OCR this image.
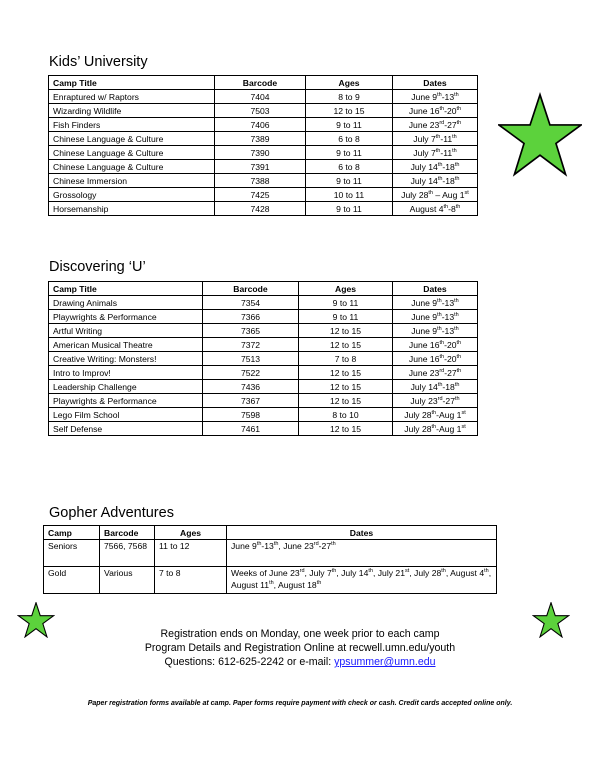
Kids’ University
Camp Title	Barcode	Ages	Dates
Enraptured w/ Raptors	7404	8 to 9	June 9th-13th
Wizarding Wildlife	7503	12 to 15	June 16th-20th
Fish Finders	7406	9 to 11	June 23rd-27th
Chinese Language & Culture	7389	6 to 8	July 7th-11th
Chinese Language & Culture	7390	9 to 11	July 7th-11th
Chinese Language & Culture	7391	6 to 8	July 14th-18th
Chinese Immersion	7388	9 to 11	July 14th-18th
Grossology	7425	10 to 11	July 28th – Aug 1st
Horsemanship	7428	9 to 11	August 4th-8th
Discovering ‘U’
Camp Title	Barcode	Ages	Dates
Drawing Animals	7354	9 to 11	June 9th-13th
Playwrights & Performance	7366	9 to 11	June 9th-13th
Artful Writing	7365	12 to 15	June 9th-13th
American Musical Theatre	7372	12 to 15	June 16th-20th
Creative Writing: Monsters!	7513	7 to 8	June 16th-20th
Intro to Improv!	7522	12 to 15	June 23rd-27th
Leadership Challenge	7436	12 to 15	July 14th-18th
Playwrights & Performance	7367	12 to 15	July 23rd-27th
Lego Film School	7598	8 to 10	July 28th-Aug 1st
Self Defense	7461	12 to 15	July 28th-Aug 1st
Gopher Adventures
Camp	Barcode	Ages	Dates
Seniors	7566, 7568	11 to 12	June 9th-13th, June 23rd-27th
Gold	Various	7 to 8	Weeks of June 23rd, July 7th, July 14th, July 21st, July 28th, August 4th, August 11th, August 18th
Registration ends on Monday, one week prior to each camp
Program Details and Registration Online at recwell.umn.edu/youth
Questions: 612-625-2242 or e-mail: ypsummer@umn.edu
Paper registration forms available at camp. Paper forms require payment with check or cash. Credit cards accepted online only.
